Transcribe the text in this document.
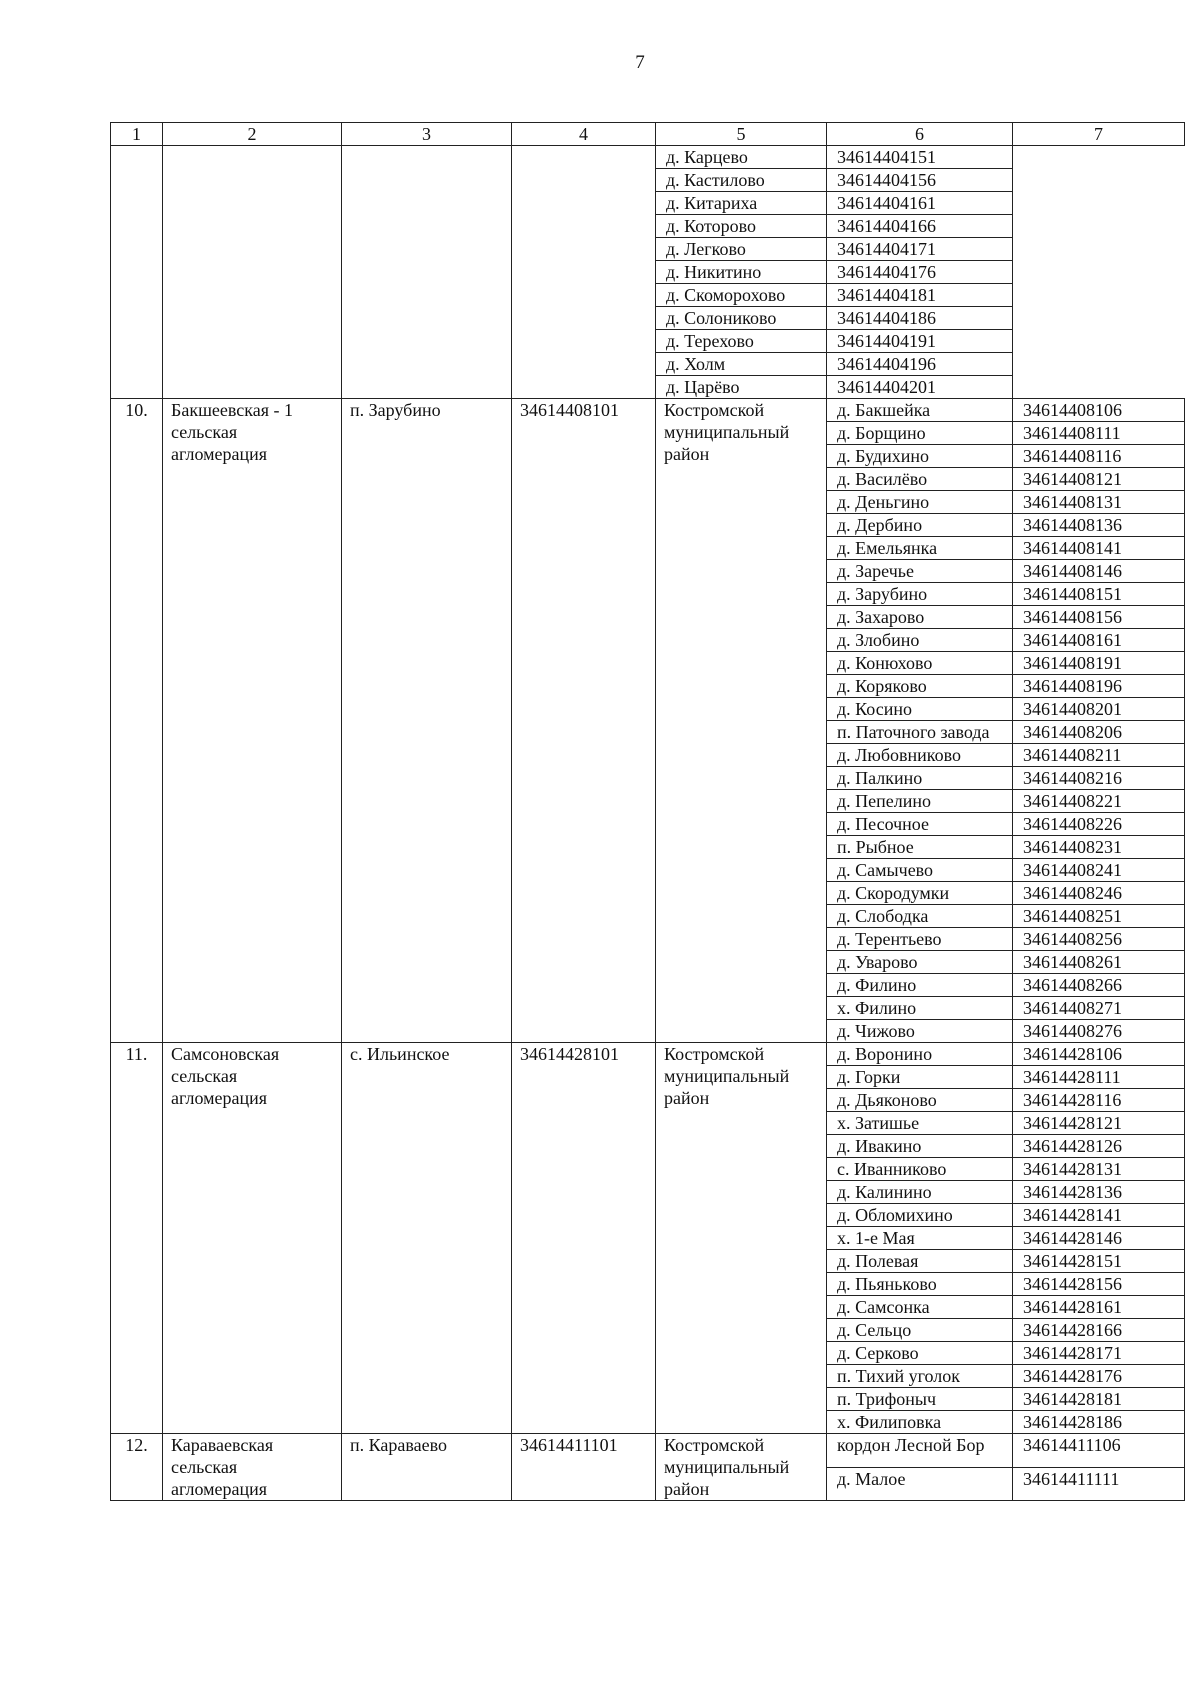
7
1	2	3	4	5	6	7
				д. Карцево	34614404151	
				д. Кастилово	34614404156	
				д. Китариха	34614404161	
				д. Которово	34614404166	
				д. Легково	34614404171	
				д. Никитино	34614404176	
				д. Скоморохово	34614404181	
				д. Солониково	34614404186	
				д. Терехово	34614404191	
				д. Холм	34614404196	
				д. Царёво	34614404201	
10.	Бакшеевская - 1 сельская агломерация	п. Зарубино	34614408101	Костромской муниципальный район	д. Бакшейка	34614408106
					д. Борщино	34614408111
					д. Будихино	34614408116
					д. Василёво	34614408121
					д. Деньгино	34614408131
					д. Дербино	34614408136
					д. Емельянка	34614408141
					д. Заречье	34614408146
					д. Зарубино	34614408151
					д. Захарово	34614408156
					д. Злобино	34614408161
					д. Конюхово	34614408191
					д. Коряково	34614408196
					д. Косино	34614408201
					п. Паточного завода	34614408206
					д. Любовниково	34614408211
					д. Палкино	34614408216
					д. Пепелино	34614408221
					д. Песочное	34614408226
					п. Рыбное	34614408231
					д. Самычево	34614408241
					д. Скородумки	34614408246
					д. Слободка	34614408251
					д. Терентьево	34614408256
					д. Уварово	34614408261
					д. Филино	34614408266
					х. Филино	34614408271
					д. Чижово	34614408276
11.	Самсоновская сельская агломерация	с. Ильинское	34614428101	Костромской муниципальный район	д. Воронино	34614428106
					д. Горки	34614428111
					д. Дьяконово	34614428116
					х. Затишье	34614428121
					д. Ивакино	34614428126
					с. Иванниково	34614428131
					д. Калинино	34614428136
					д. Обломихино	34614428141
					х. 1-е Мая	34614428146
					д. Полевая	34614428151
					д. Пьяньково	34614428156
					д. Самсонка	34614428161
					д. Сельцо	34614428166
					д. Серково	34614428171
					п. Тихий уголок	34614428176
					п. Трифоныч	34614428181
					х. Филиповка	34614428186
12.	Караваевская сельская агломерация	п. Караваево	34614411101	Костромской муниципальный район	кордон Лесной Бор	34614411106
					д. Малое	34614411111
